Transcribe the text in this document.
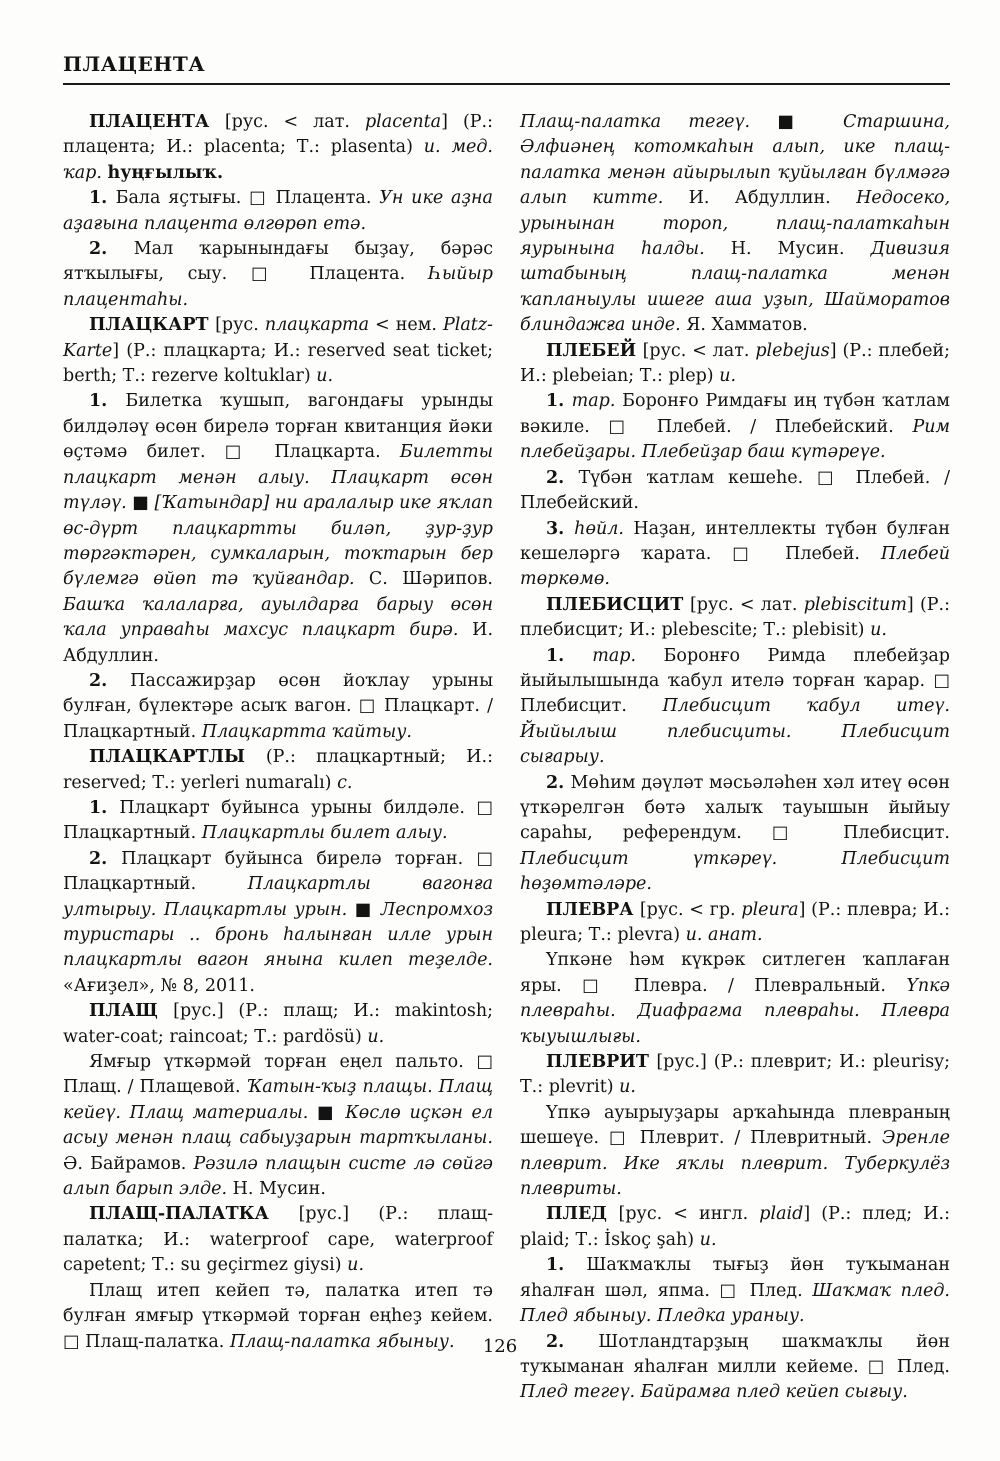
ПЛАЦЕНТА

ПЛАЦЕНТА [рус. < лат. placenta] (Р.: плацента; И.: placenta; Т.: plasenta) и. мед. ҡар. һуңғылыҡ.

1. Бала яҫтығы. □ Плацента. Ун ике аҙна аҙағына плацента өлгөрөп етә.

2. Мал ҡарынындағы быҙау, бәрәс ятҡылығы, сыу. □ Плацента. Һыйыр плацентаһы.

ПЛАЦКАРТ [рус. плацкарта < нем. Platz-Karte] (Р.: плацкарта; И.: reserved seat ticket; berth; Т.: rezerve koltuklar) и.

1. Билетка ҡушып, вагондағы урынды билдәләү өсөн бирелә торған квитанция йәки өҫтәмә билет. □ Плацкарта. Билетты плацкарт менән алыу. Плацкарт өсөн түләү. ■ [Ҡатындар] ни аралалыр ике яҡлап өс-дүрт плацкартты биләп, ҙур-ҙур төргәктәрен, сумкаларын, тоҡтарын бер бүлемгә өйөп тә ҡуйғандар. С. Шәрипов. Башҡа ҡалаларға, ауылдарға барыу өсөн ҡала управаһы махсус плацкарт бирә. И. Абдуллин.

2. Пассажирҙар өсөн йоҡлау урыны булған, бүлектәре асыҡ вагон. □ Плацкарт. / Плацкартный. Плацкартта ҡайтыу.

ПЛАЦКАРТЛЫ (Р.: плацкартный; И.: reserved; Т.: yerleri numaralı) с.

1. Плацкарт буйынса урыны билдәле. □ Плацкартный. Плацкартлы билет алыу.

2. Плацкарт буйынса бирелә торған. □ Плацкартный. Плацкартлы вагонға ултырыу. Плацкартлы урын. ■ Леспромхоз туристары .. бронь һалынған илле урын плацкартлы вагон янына килеп теҙелде. «Ағиҙел», № 8, 2011.

ПЛАЩ [рус.] (Р.: плащ; И.: makintosh; water-coat; raincoat; Т.: pardösü) и.

Ямғыр үткәрмәй торған еңел пальто. □ Плащ. / Плащевой. Ҡатын-ҡыҙ плащы. Плащ кейеү. Плащ материалы. ■ Көслө иҫкән ел асыу менән плащ сабыуҙарын тартҡыланы. Ә. Байрамов. Рәзилә плащын систе лә сөйгә алып барып элде. Н. Мусин.

ПЛАЩ-ПАЛАТКА [рус.] (Р.: плащ-палатка; И.: waterproof cape, waterproof capetent; Т.: su geçirmez giysi) и.

Плащ итеп кейеп тә, палатка итеп тә булған ямғыр үткәрмәй торған еңһеҙ кейем. □ Плащ-палатка. Плащ-палатка ябыныу.

Плащ-палатка тегеү. ■ Старшина, Әлфиәнең котомкаһын алып, ике плащ-палатка менән айырылып ҡуйылған бүлмәгә алып китте. И. Абдуллин. Недосеко, урынынан тороп, плащ-палаткаһын яурынына һалды. Н. Мусин. Дивизия штабының плащ-палатка менән ҡапланыулы ишеге аша уҙып, Шайморатов блиндажға инде. Я. Хамматов.

ПЛЕБЕЙ [рус. < лат. plebejus] (Р.: плебей; И.: plebeian; Т.: plep) и.

1. тар. Боронғо Римдағы иң түбән ҡатлам вәкиле. □ Плебей. / Плебейский. Рим плебейҙары. Плебейҙар баш күтәреүе.

2. Түбән ҡатлам кешеһе. □ Плебей. / Плебейский.

3. һөйл. Наҙан, интеллекты түбән булған кешеләргә ҡарата. □ Плебей. Плебей төркөмө.

ПЛЕБИСЦИТ [рус. < лат. plebiscitum] (Р.: плебисцит; И.: plebescite; Т.: plebisit) и.

1. тар. Боронғо Римда плебейҙар йыйылышында ҡабул ителә торған ҡарар. □ Плебисцит. Плебисцит ҡабул итеү. Йыйылыш плебисциты. Плебисцит сығарыу.

2. Мөһим дәүләт мәсьәләһен хәл итеү өсөн үткәрелгән бөтә халыҡ тауышын йыйыу сараһы, референдум. □ Плебисцит. Плебисцит үткәреү. Плебисцит һөҙөмтәләре.

ПЛЕВРА [рус. < гр. pleura] (Р.: плевра; И.: pleura; Т.: plevra) и. анат.

Үпкәне һәм күкрәк ситлеген ҡаплаған яры. □ Плевра. / Плевральный. Үпкә плевраһы. Диафрагма плевраһы. Плевра ҡыуышлығы.

ПЛЕВРИТ [рус.] (Р.: плеврит; И.: pleurisy; Т.: plevrit) и.

Үпкә ауырыуҙары арҡаһында плевраның шешеүе. □ Плеврит. / Плевритный. Эренле плеврит. Ике яҡлы плеврит. Туберкулёз плевриты.

ПЛЕД [рус. < ингл. plaid] (Р.: плед; И.: plaid; Т.: İskoç şah) и.

1. Шаҡмаҡлы тығыҙ йөн туҡыманан яһалған шәл, япма. □ Плед. Шаҡмаҡ плед. Плед ябыныу. Пледка ураныу.

2. Шотландтарҙың шаҡмаҡлы йөн туҡыманан яһалған милли кейеме. □ Плед. Плед тегеү. Байрамға плед кейеп сығыу.

126
